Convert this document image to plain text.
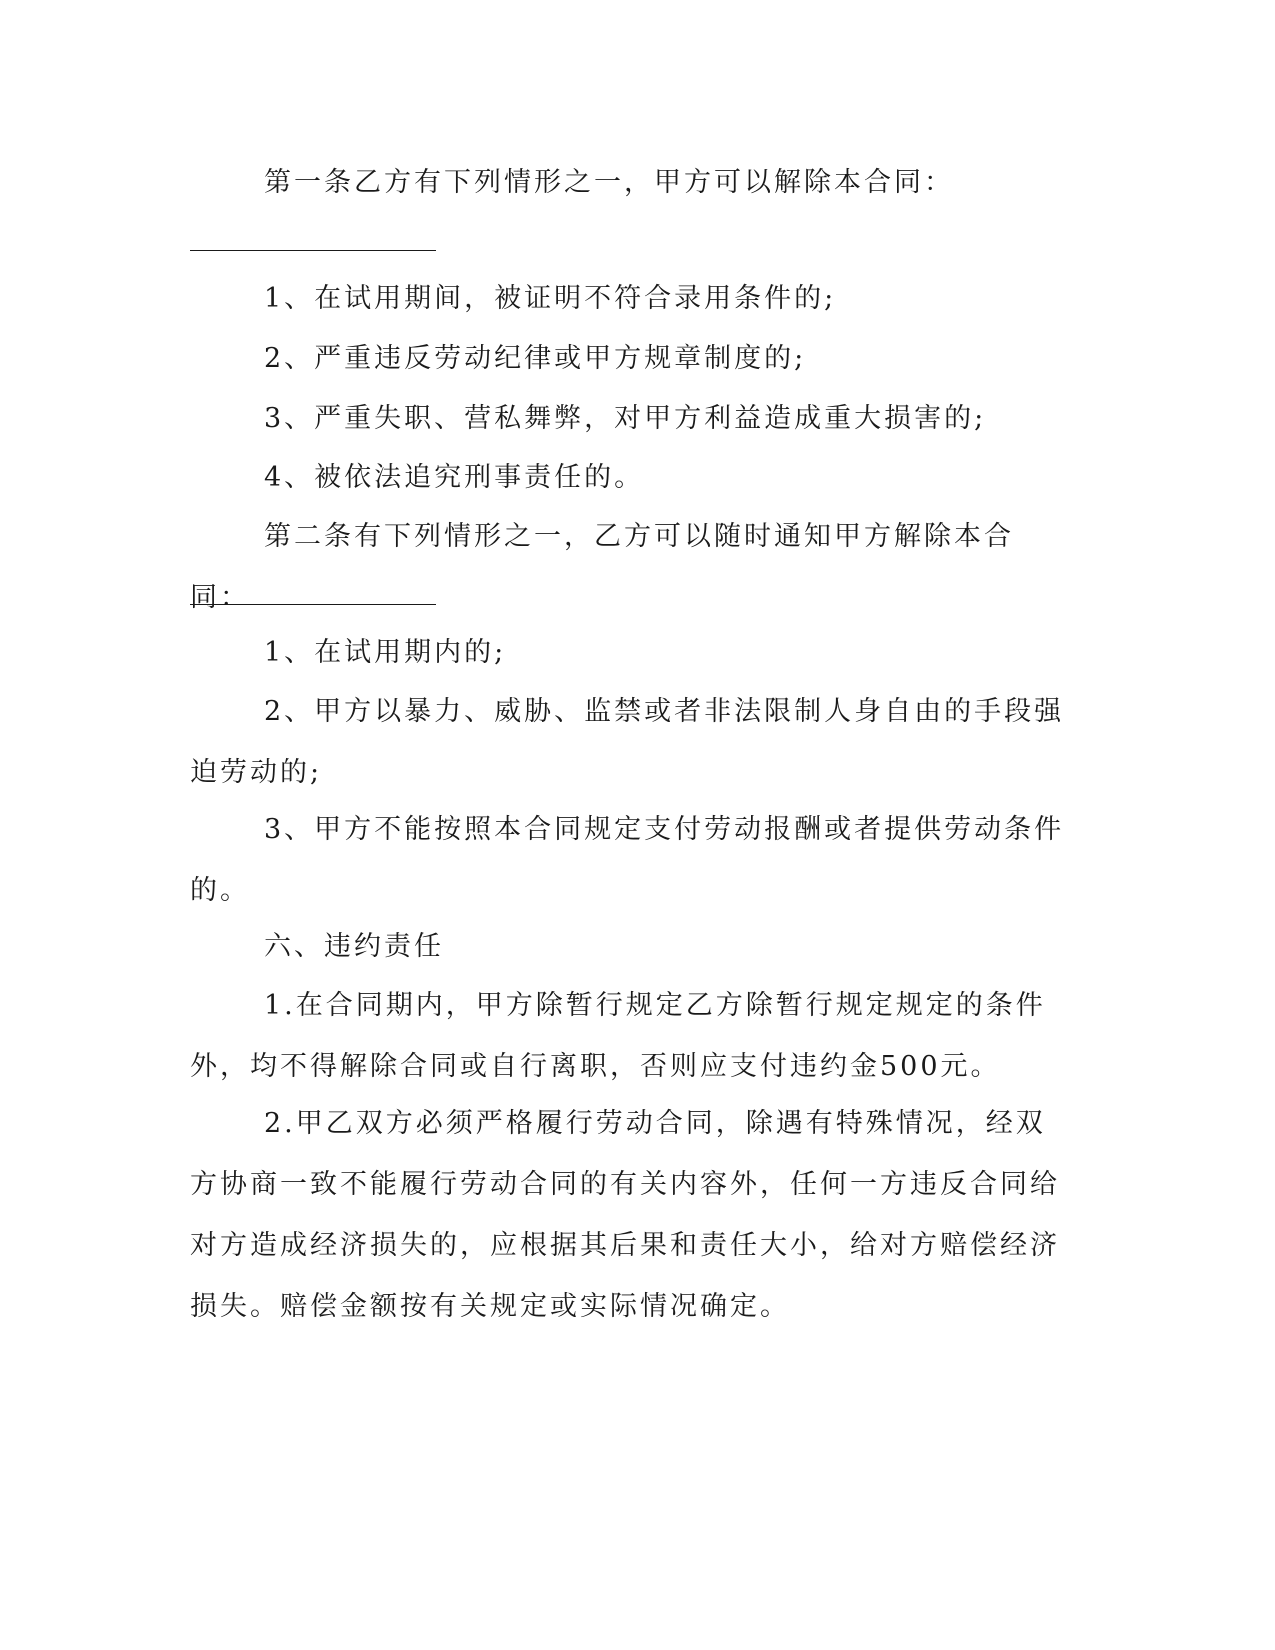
第一条乙方有下列情形之一，甲方可以解除本合同：

1、在试用期间，被证明不符合录用条件的;

2、严重违反劳动纪律或甲方规章制度的;

3、严重失职、营私舞弊，对甲方利益造成重大损害的;

4、被依法追究刑事责任的。

第二条有下列情形之一，乙方可以随时通知甲方解除本合同：

1、在试用期内的;

2、甲方以暴力、威胁、监禁或者非法限制人身自由的手段强迫劳动的;

3、甲方不能按照本合同规定支付劳动报酬或者提供劳动条件的。

六、违约责任

1.在合同期内，甲方除暂行规定乙方除暂行规定规定的条件外，均不得解除合同或自行离职，否则应支付违约金500元。

2.甲乙双方必须严格履行劳动合同，除遇有特殊情况，经双方协商一致不能履行劳动合同的有关内容外，任何一方违反合同给对方造成经济损失的，应根据其后果和责任大小，给对方赔偿经济损失。赔偿金额按有关规定或实际情况确定。
